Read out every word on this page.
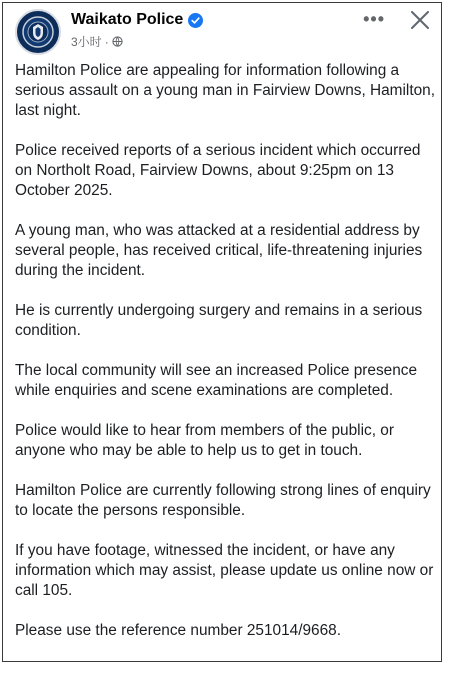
Waikato Police
3小时 ·
•••

Hamilton Police are appealing for information following a serious assault on a young man in Fairview Downs, Hamilton, last night.

Police received reports of a serious incident which occurred on Northolt Road, Fairview Downs, about 9:25pm on 13 October 2025.

A young man, who was attacked at a residential address by several people, has received critical, life-threatening injuries during the incident.

He is currently undergoing surgery and remains in a serious condition.

The local community will see an increased Police presence while enquiries and scene examinations are completed.

Police would like to hear from members of the public, or anyone who may be able to help us to get in touch.

Hamilton Police are currently following strong lines of enquiry to locate the persons responsible.

If you have footage, witnessed the incident, or have any information which may assist, please update us online now or call 105.

Please use the reference number 251014/9668.
